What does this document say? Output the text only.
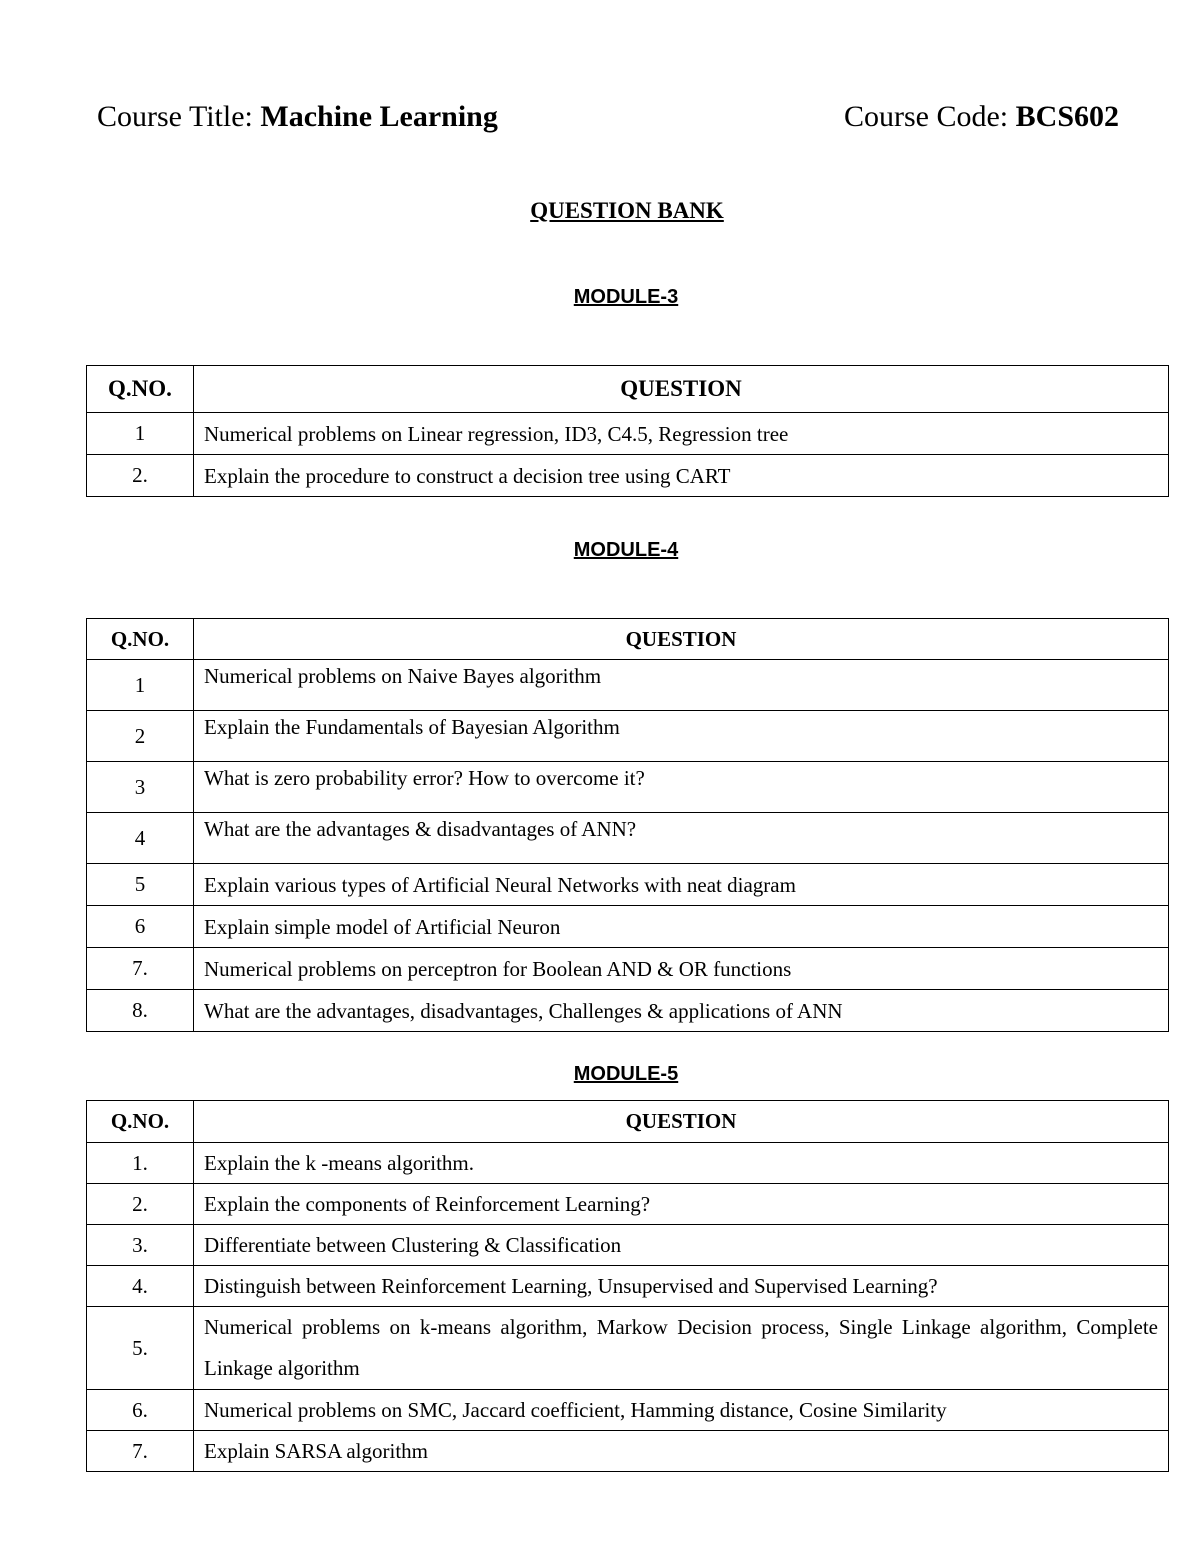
Course Title: Machine Learning	Course Code: BCS602
QUESTION BANK
MODULE-3
Q.NO.	QUESTION
1	Numerical problems on Linear regression, ID3, C4.5, Regression tree
2.	Explain the procedure to construct a decision tree using CART
MODULE-4
Q.NO.	QUESTION
1	Numerical problems on Naive Bayes algorithm
2	Explain the Fundamentals of Bayesian Algorithm
3	What is zero probability error? How to overcome it?
4	What are the advantages & disadvantages of ANN?
5	Explain various types of Artificial Neural Networks with neat diagram
6	Explain simple model of Artificial Neuron
7.	Numerical problems on perceptron for Boolean AND & OR functions
8.	What are the advantages, disadvantages, Challenges & applications of ANN
MODULE-5
Q.NO.	QUESTION
1.	Explain the k -means algorithm.
2.	Explain the components of Reinforcement Learning?
3.	Differentiate between Clustering & Classification
4.	Distinguish between Reinforcement Learning, Unsupervised and Supervised Learning?
5.	Numerical problems on k-means algorithm, Markow Decision process, Single Linkage algorithm, Complete Linkage algorithm
6.	Numerical problems on SMC, Jaccard coefficient, Hamming distance, Cosine Similarity
7.	Explain SARSA algorithm
